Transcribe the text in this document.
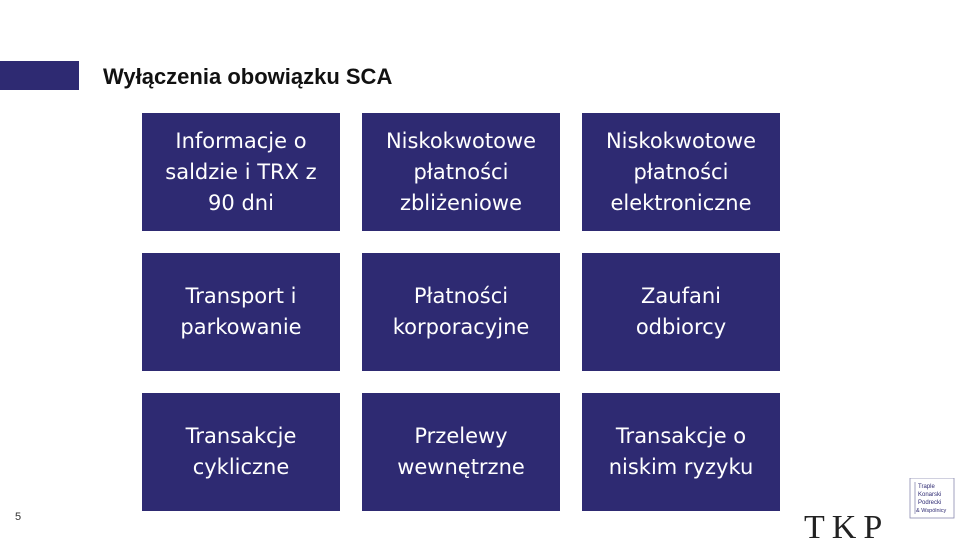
Wyłączenia obowiązku SCA
Informacje o
saldzie i TRX z
90 dni
Niskokwotowe
płatności
zbliżeniowe
Niskokwotowe
płatności
elektroniczne
Transport i
parkowanie
Płatności
korporacyjne
Zaufani
odbiorcy
Transakcje
cykliczne
Przelewy
wewnętrzne
Transakcje o
niskim ryzyku
5
Traple
Konarski
Podrecki
& Wspólnicy
TKP
